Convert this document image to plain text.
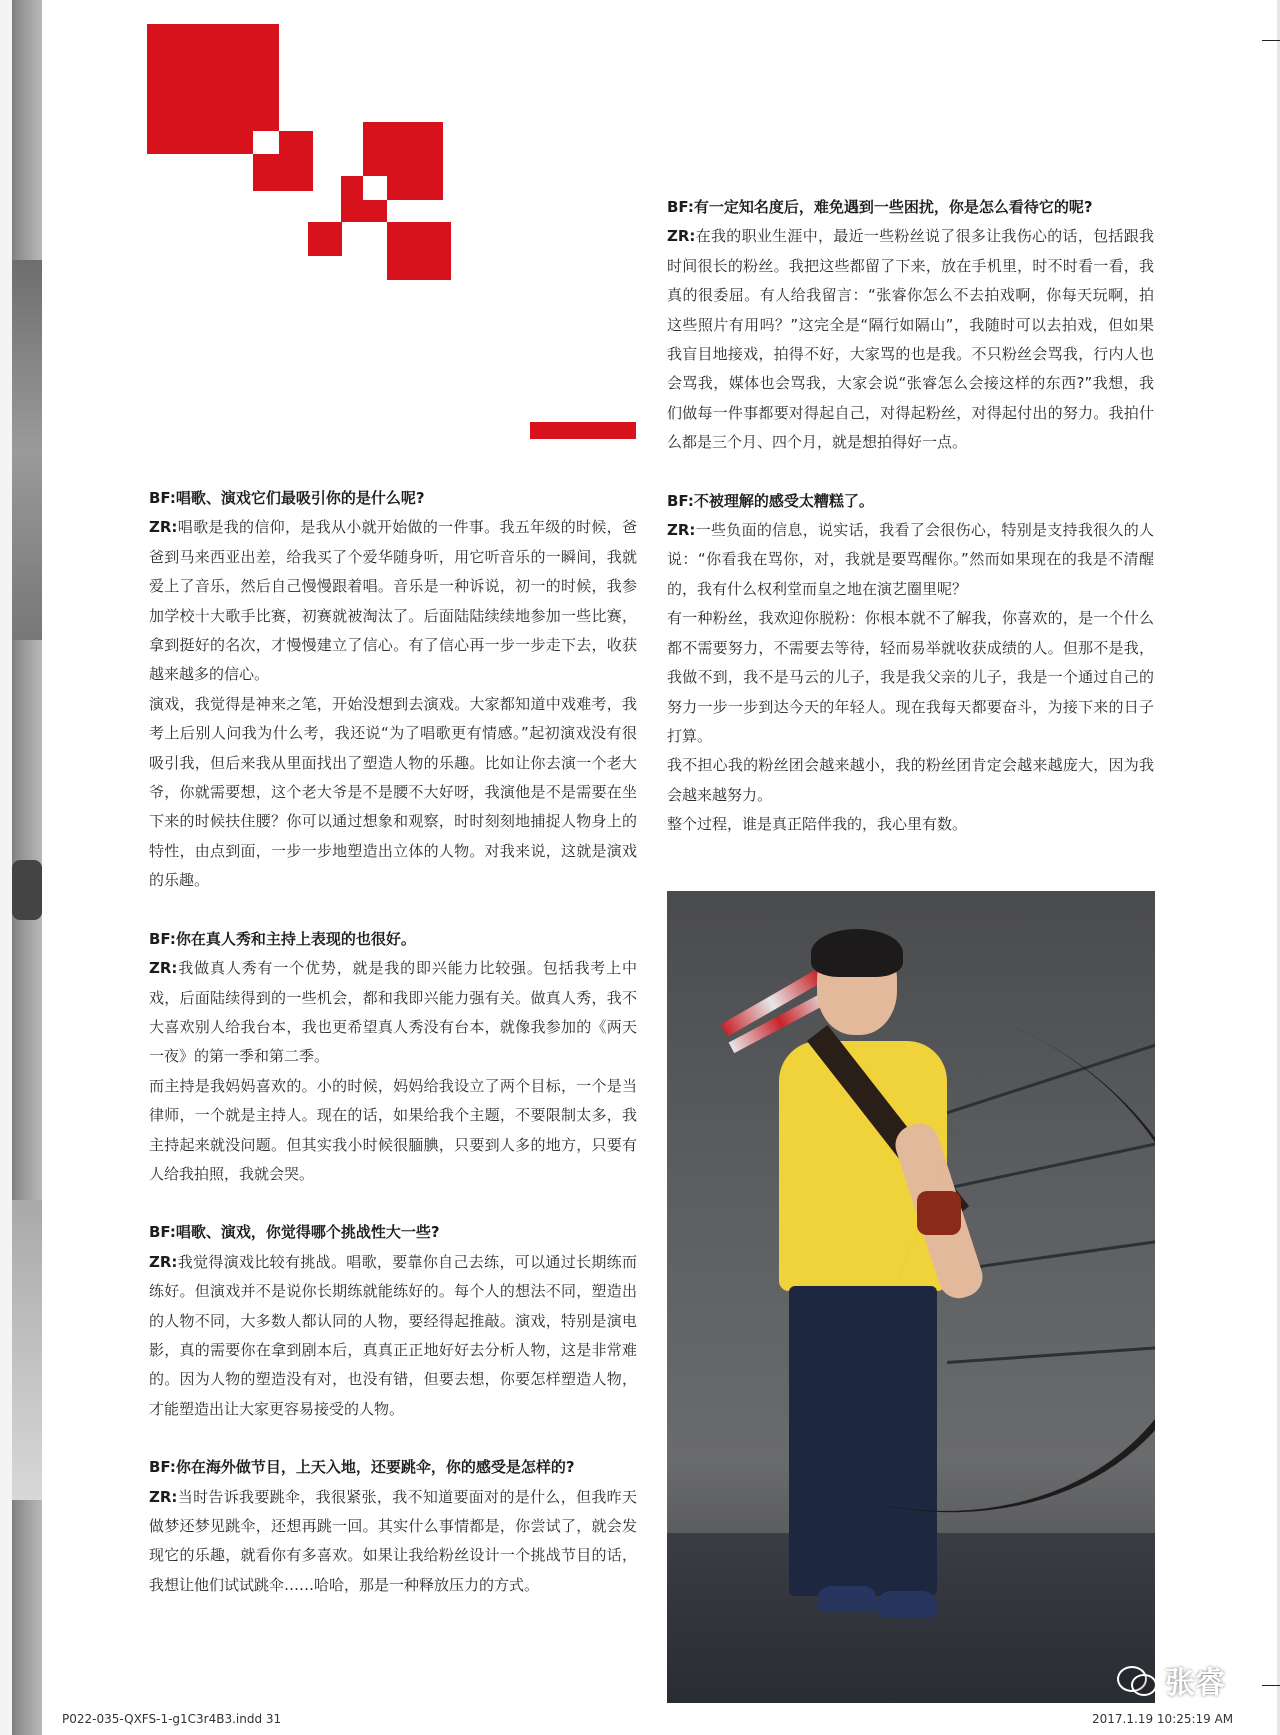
BF:有一定知名度后，难免遇到一些困扰，你是怎么看待它的呢?

ZR:在我的职业生涯中，最近一些粉丝说了很多让我伤心的话，包括跟我时间很长的粉丝。我把这些都留了下来，放在手机里，时不时看一看，我真的很委屈。有人给我留言：“张睿你怎么不去拍戏啊，你每天玩啊，拍这些照片有用吗？”这完全是“隔行如隔山”，我随时可以去拍戏，但如果我盲目地接戏，拍得不好，大家骂的也是我。不只粉丝会骂我，行内人也会骂我，媒体也会骂我，大家会说“张睿怎么会接这样的东西?”我想，我们做每一件事都要对得起自己，对得起粉丝，对得起付出的努力。我拍什么都是三个月、四个月，就是想拍得好一点。

BF:不被理解的感受太糟糕了。

ZR:一些负面的信息，说实话，我看了会很伤心，特别是支持我很久的人说：“你看我在骂你，对，我就是要骂醒你。”然而如果现在的我是不清醒的，我有什么权利堂而皇之地在演艺圈里呢？

有一种粉丝，我欢迎你脱粉：你根本就不了解我，你喜欢的，是一个什么都不需要努力，不需要去等待，轻而易举就收获成绩的人。但那不是我，我做不到，我不是马云的儿子，我是我父亲的儿子，我是一个通过自己的努力一步一步到达今天的年轻人。现在我每天都要奋斗，为接下来的日子打算。

我不担心我的粉丝团会越来越小，我的粉丝团肯定会越来越庞大，因为我会越来越努力。

整个过程，谁是真正陪伴我的，我心里有数。

BF:唱歌、演戏它们最吸引你的是什么呢?

ZR:唱歌是我的信仰，是我从小就开始做的一件事。我五年级的时候，爸爸到马来西亚出差，给我买了个爱华随身听，用它听音乐的一瞬间，我就爱上了音乐，然后自己慢慢跟着唱。音乐是一种诉说，初一的时候，我参加学校十大歌手比赛，初赛就被淘汰了。后面陆陆续续地参加一些比赛，拿到挺好的名次，才慢慢建立了信心。有了信心再一步一步走下去，收获越来越多的信心。

演戏，我觉得是神来之笔，开始没想到去演戏。大家都知道中戏难考，我考上后别人问我为什么考，我还说“为了唱歌更有情感。”起初演戏没有很吸引我，但后来我从里面找出了塑造人物的乐趣。比如让你去演一个老大爷，你就需要想，这个老大爷是不是腰不大好呀，我演他是不是需要在坐下来的时候扶住腰？你可以通过想象和观察，时时刻刻地捕捉人物身上的特性，由点到面，一步一步地塑造出立体的人物。对我来说，这就是演戏的乐趣。

BF:你在真人秀和主持上表现的也很好。

ZR:我做真人秀有一个优势，就是我的即兴能力比较强。包括我考上中戏，后面陆续得到的一些机会，都和我即兴能力强有关。做真人秀，我不大喜欢别人给我台本，我也更希望真人秀没有台本，就像我参加的《两天一夜》的第一季和第二季。

而主持是我妈妈喜欢的。小的时候，妈妈给我设立了两个目标，一个是当律师，一个就是主持人。现在的话，如果给我个主题，不要限制太多，我主持起来就没问题。但其实我小时候很腼腆，只要到人多的地方，只要有人给我拍照，我就会哭。

BF:唱歌、演戏，你觉得哪个挑战性大一些?

ZR:我觉得演戏比较有挑战。唱歌，要靠你自己去练，可以通过长期练而练好。但演戏并不是说你长期练就能练好的。每个人的想法不同，塑造出的人物不同，大多数人都认同的人物，要经得起推敲。演戏，特别是演电影，真的需要你在拿到剧本后，真真正正地好好去分析人物，这是非常难的。因为人物的塑造没有对，也没有错，但要去想，你要怎样塑造人物，才能塑造出让大家更容易接受的人物。

BF:你在海外做节目，上天入地，还要跳伞，你的感受是怎样的?

ZR:当时告诉我要跳伞，我很紧张，我不知道要面对的是什么，但我昨天做梦还梦见跳伞，还想再跳一回。其实什么事情都是，你尝试了，就会发现它的乐趣，就看你有多喜欢。如果让我给粉丝设计一个挑战节目的话，我想让他们试试跳伞……哈哈，那是一种释放压力的方式。

张睿
P022-035-QXFS-1-g1C3r4B3.indd 31	2017.1.19 10:25:19 AM
